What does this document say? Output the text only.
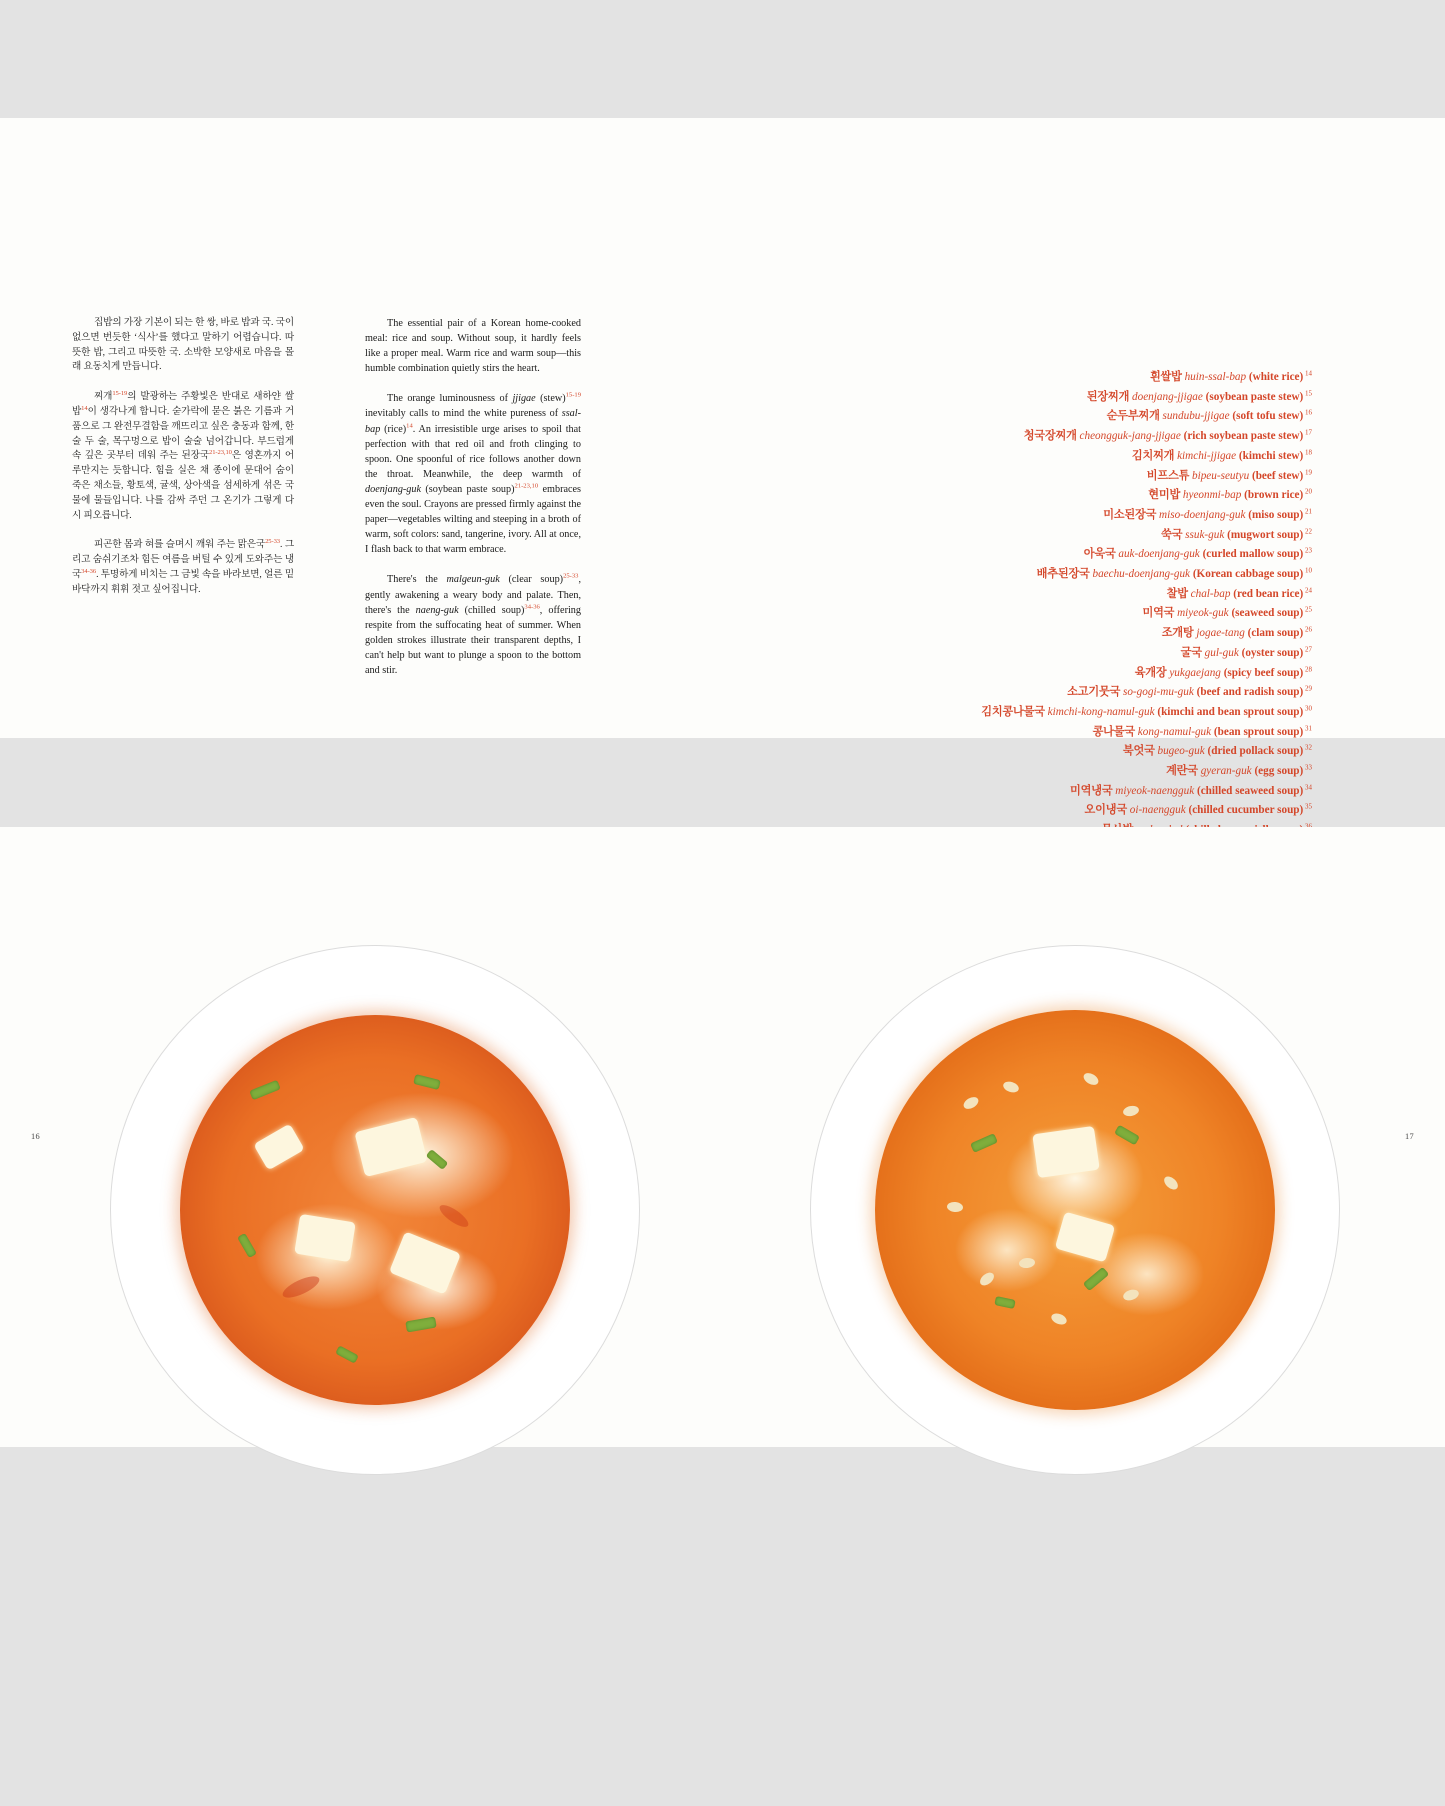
집밥의 가장 기본이 되는 한 쌍, 바로 밥과 국. 국이 없으면 번듯한 ‘식사’를 했다고 말하기 어렵습니다. 따뜻한 밥, 그리고 따뜻한 국. 소박한 모양새로 마음을 몰래 요동치게 만듭니다.

찌개$^{15-19}$의 발광하는 주황빛은 반대로 새하얀 쌀밥$^{14}$이 생각나게 합니다. 숟가락에 묻은 붉은 기름과 거품으로 그 완전무결함을 깨뜨리고 싶은 충동과 함께, 한 술 두 술, 목구멍으로 밥이 술술 넘어갑니다. 부드럽게 속 깊은 곳부터 데워 주는 된장국$^{21-23,10}$은 영혼까지 어루만지는 듯합니다. 힘을 실은 채 종이에 문대어 숨이 죽은 채소들, 황토색, 귤색, 상아색을 섬세하게 섞은 국물에 물들입니다. 나를 감싸 주던 그 온기가 그렇게 다시 피오릅니다.

피곤한 몸과 혀를 슬며시 깨워 주는 맑은국$^{25-33}$. 그리고 숨쉬기조차 힘든 여름을 버틸 수 있게 도와주는 냉국$^{34-36}$. 투명하게 비치는 그 금빛 속을 바라보면, 얼른 밑바닥까지 휘휘 젓고 싶어집니다.

The essential pair of a Korean home-cooked meal: rice and soup. Without soup, it hardly feels like a proper meal. Warm rice and warm soup—this humble combination quietly stirs the heart.

The orange luminousness of jjigae (stew)$^{15-19}$ inevitably calls to mind the white pureness of ssal-bap (rice)$^{14}$. An irresistible urge arises to spoil that perfection with that red oil and froth clinging to spoon. One spoonful of rice follows another down the throat. Meanwhile, the deep warmth of doenjang-guk (soybean paste soup)$^{21-23,10}$ embraces even the soul. Crayons are pressed firmly against the paper—vegetables wilting and steeping in a broth of warm, soft colors: sand, tangerine, ivory. All at once, I flash back to that warm embrace.

There's the malgeun-guk (clear soup)$^{25-33}$, gently awakening a weary body and palate. Then, there's the naeng-guk (chilled soup)$^{34-36}$, offering respite from the suffocating heat of summer. When golden strokes illustrate their transparent depths, I can't help but want to plunge a spoon to the bottom and stir.

흰쌀밥 huin-ssal-bap (white rice) $^{14}$
된장찌개 doenjang-jjigae (soybean paste stew) $^{15}$
순두부찌개 sundubu-jjigae (soft tofu stew) $^{16}$
청국장찌개 cheongguk-jang-jjigae (rich soybean paste stew) $^{17}$
김치찌개 kimchi-jjigae (kimchi stew) $^{18}$
비프스튜 bipeu-seutyu (beef stew) $^{19}$
현미밥 hyeonmi-bap (brown rice) $^{20}$
미소된장국 miso-doenjang-guk (miso soup) $^{21}$
쑥국 ssuk-guk (mugwort soup) $^{22}$
아욱국 auk-doenjang-guk (curled mallow soup) $^{23}$
배추된장국 baechu-doenjang-guk (Korean cabbage soup) $^{10}$
찰밥 chal-bap (red bean rice) $^{24}$
미역국 miyeok-guk (seaweed soup) $^{25}$
조개탕 jogae-tang (clam soup) $^{26}$
굴국 gul-guk (oyster soup) $^{27}$
육개장 yukgaejang (spicy beef soup) $^{28}$
소고기뭇국 so-gogi-mu-guk (beef and radish soup) $^{29}$
김치콩나물국 kimchi-kong-namul-guk (kimchi and bean sprout soup) $^{30}$
콩나물국 kong-namul-guk (bean sprout soup) $^{31}$
북엇국 bugeo-guk (dried pollack soup) $^{32}$
계란국 gyeran-guk (egg soup) $^{33}$
미역냉국 miyeok-naengguk (chilled seaweed soup) $^{34}$
오이냉국 oi-naengguk (chilled cucumber soup) $^{35}$
16	17
